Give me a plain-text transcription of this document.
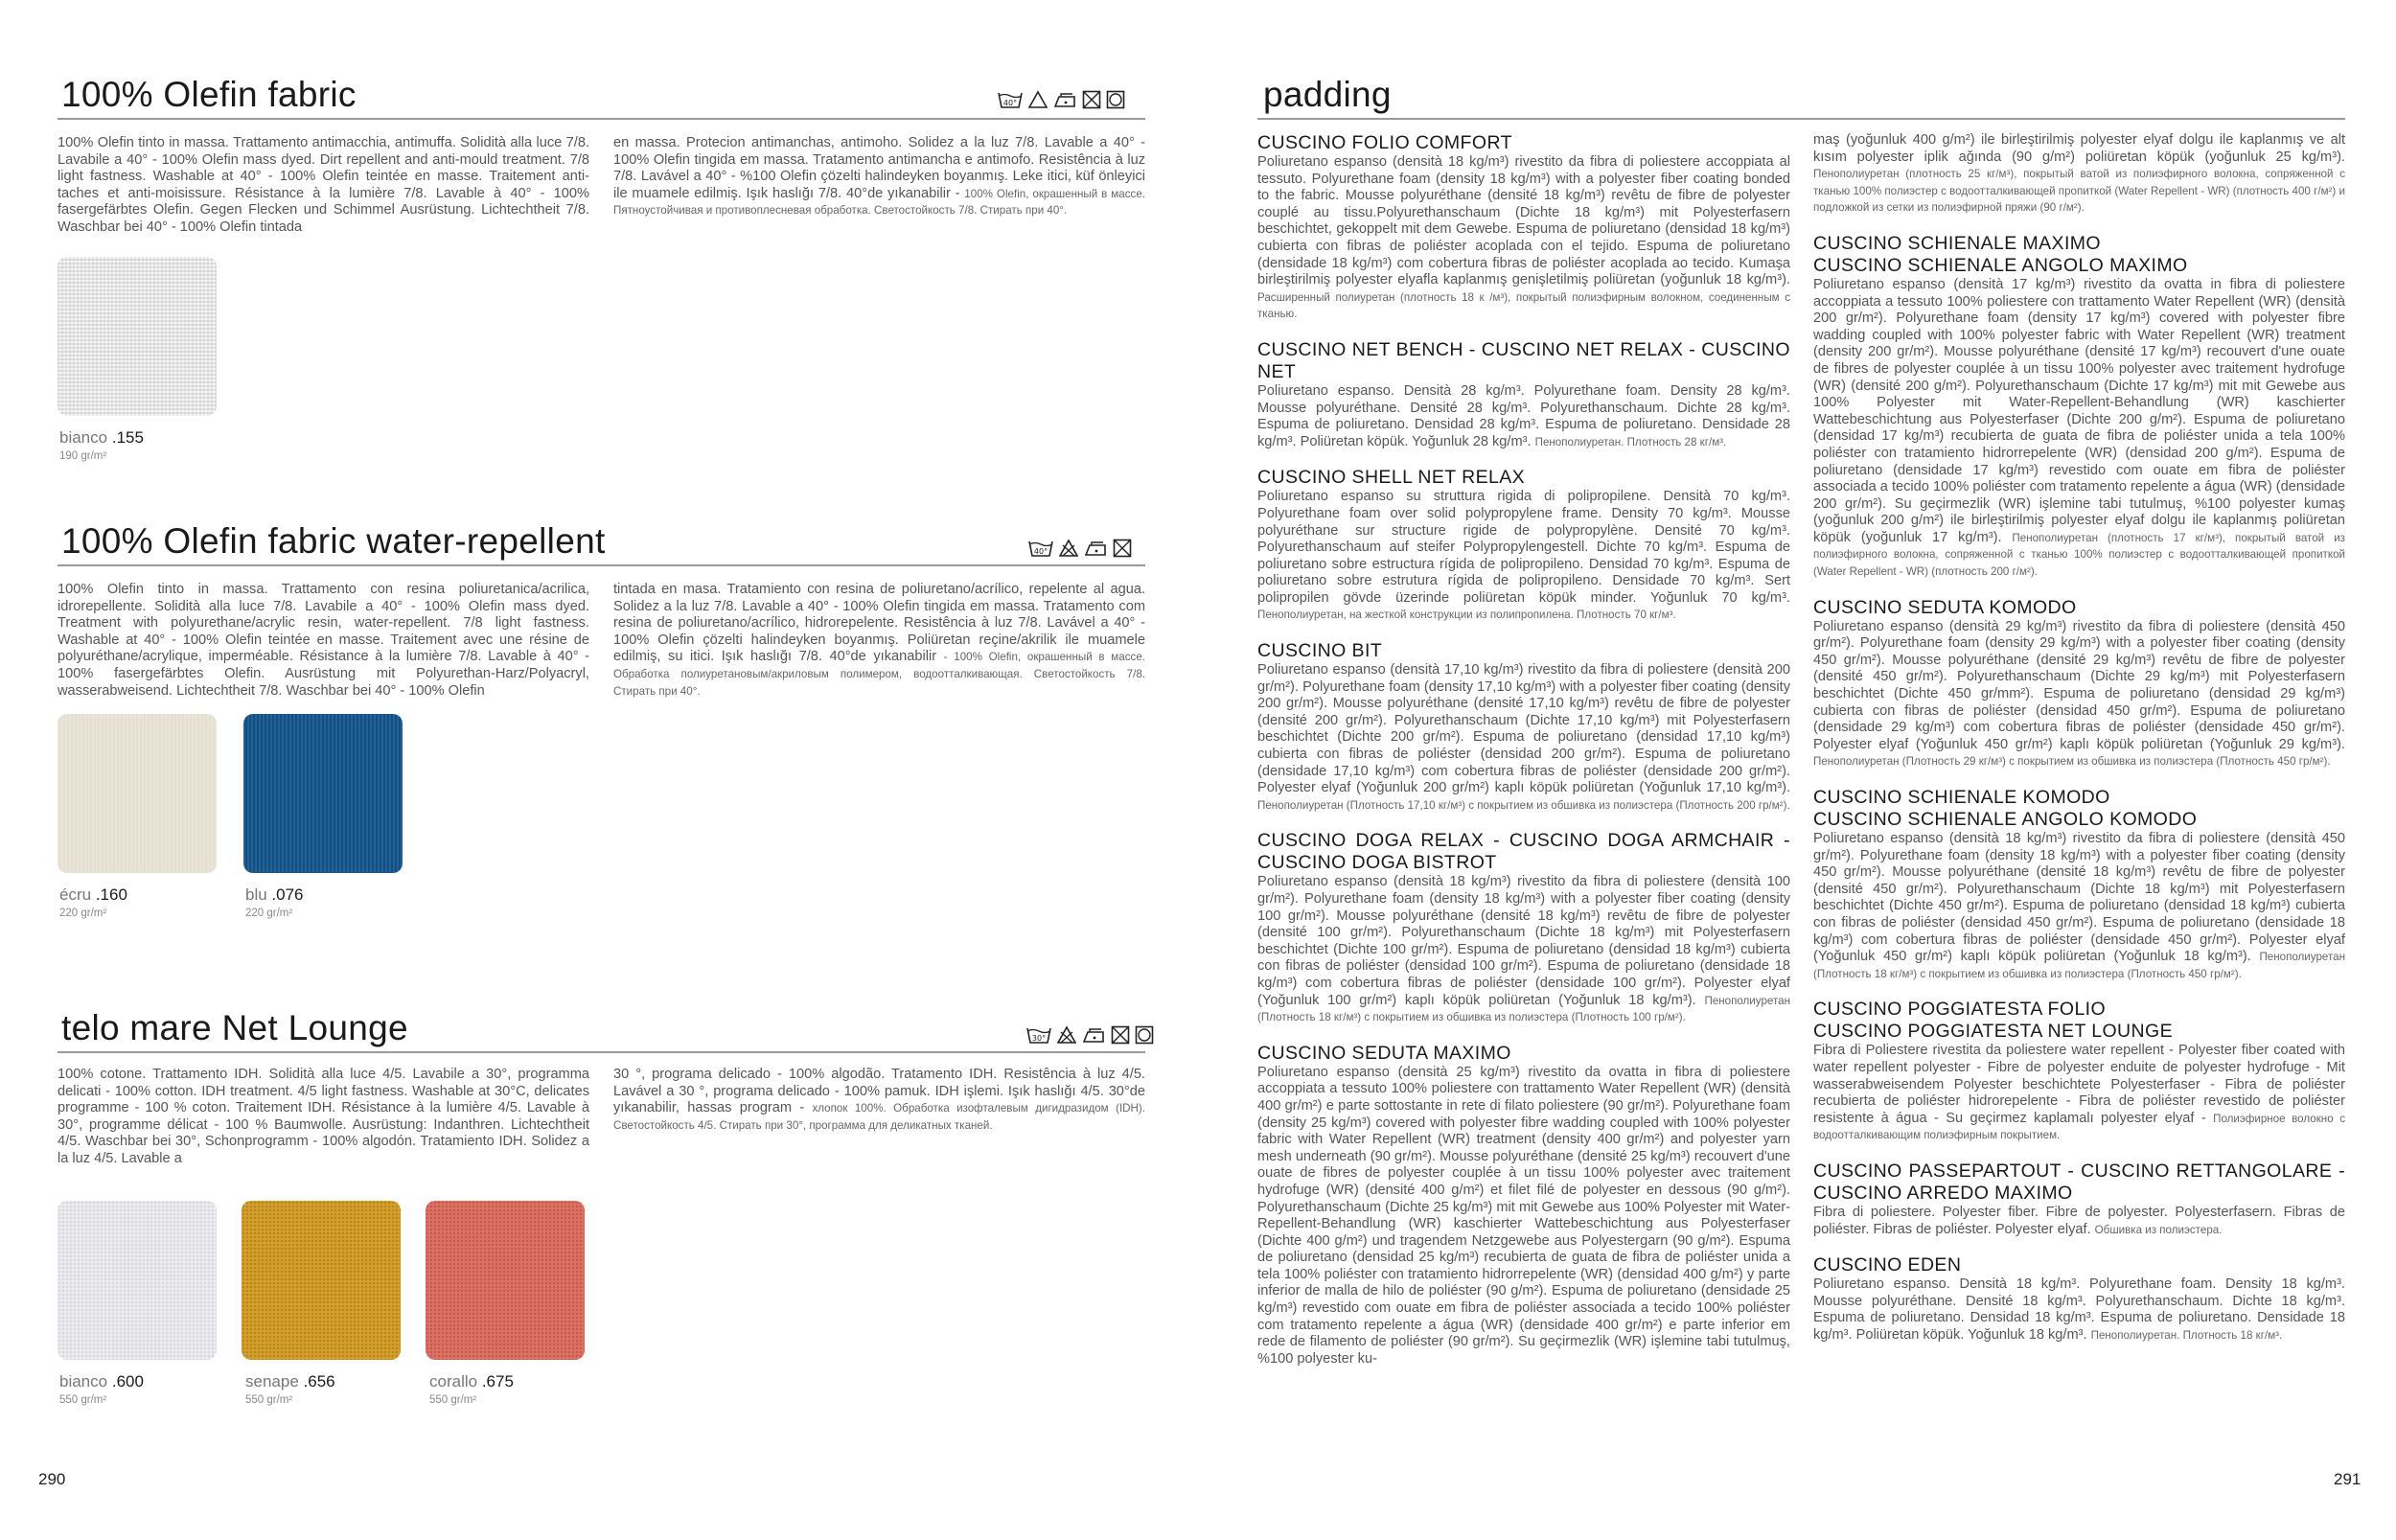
100% Olefin fabric	40°
100% Olefin tinto in massa. Trattamento antimacchia, antimuffa. Solidità alla luce 7/8. Lavabile a 40° - 100% Olefin mass dyed. Dirt repellent and anti-mould treatment. 7/8 light fastness. Washable at 40° - 100% Olefin teintée en masse. Traitement anti-taches et anti-moisissure. Résistance à la lumière 7/8. Lavable à 40° - 100% fasergefärbtes Olefin. Gegen Flecken und Schimmel Ausrüstung. Lichtechtheit 7/8. Waschbar bei 40° - 100% Olefin tintada
en massa. Protecion antimanchas, antimoho. Solidez a la luz 7/8. Lavable a 40° - 100% Olefin tingida em massa. Tratamento antimancha e antimofo. Resistência à luz 7/8. Lavável a 40° - %100 Olefin çözelti halindeyken boyanmış. Leke itici, küf önleyici ile muamele edilmiş. Işık haslığı 7/8. 40°de yıkanabilir - 100% Olefin, окрашенный в массе. Пятноустойчивая и противоплесневая обработка. Светостойкость 7/8. Стирать при 40°.
bianco .155
190 gr/m²
100% Olefin fabric water-repellent	40°
100% Olefin tinto in massa. Trattamento con resina poliuretanica/acrilica, idrorepellente. Solidità alla luce 7/8. Lavabile a 40° - 100% Olefin mass dyed. Treatment with polyurethane/acrylic resin, water-repellent. 7/8 light fastness. Washable at 40° - 100% Olefin teintée en masse. Traitement avec une résine de polyuréthane/acrylique, imperméable. Résistance à la lumière 7/8. Lavable à 40° - 100% fasergefärbtes Olefin. Ausrüstung mit Polyurethan-Harz/Polyacryl, wasserabweisend. Lichtechtheit 7/8. Waschbar bei 40° - 100% Olefin
tintada en masa. Tratamiento con resina de poliuretano/acrílico, repelente al agua. Solidez a la luz 7/8. Lavable a 40° - 100% Olefin tingida em massa. Tratamento com resina de poliuretano/acrílico, hidrorepelente. Resistência à luz 7/8. Lavável a 40° - 100% Olefin çözelti halindeyken boyanmış. Poliüretan reçine/akrilik ile muamele edilmiş, su itici. Işık haslığı 7/8. 40°de yıkanabilir - 100% Olefin, окрашенный в массе. Обработка полиуретановым/акриловым полимером, водоотталкивающая. Светостойкость 7/8. Стирать при 40°.
écru .160
220 gr/m²
blu .076
220 gr/m²
telo mare Net Lounge	30°
100% cotone. Trattamento IDH. Solidità alla luce 4/5. Lavabile a 30°, programma delicati - 100% cotton. IDH treatment. 4/5 light fastness. Washable at 30°C, delicates programme - 100 % coton. Traitement IDH. Résistance à la lumière 4/5. Lavable à 30°, programme délicat - 100 % Baumwolle. Ausrüstung: Indanthren. Lichtechtheit 4/5. Waschbar bei 30°, Schonprogramm - 100% algodón. Tratamiento IDH. Solidez a la luz 4/5. Lavable a
30 °, programa delicado - 100% algodão. Tratamento IDH. Resistência à luz 4/5. Lavável a 30 °, programa delicado - 100% pamuk. IDH işlemi. Işık haslığı 4/5. 30°de yıkanabilir, hassas program - хлопок 100%. Обработка изофталевым дигидразидом (IDH). Светостойкость 4/5. Стирать при 30°, программа для деликатных тканей.
bianco .600
550 gr/m²
senape .656
550 gr/m²
corallo .675
550 gr/m²
290
padding
CUSCINO FOLIO COMFORT
Poliuretano espanso (densità 18 kg/m³) rivestito da fibra di poliestere accoppiata al tessuto. Polyurethane foam (density 18 kg/m³) with a polyester fiber coating bonded to the fabric. Mousse polyuréthane (densité 18 kg/m³) revêtu de fibre de polyester couplé au tissu.Polyurethanschaum (Dichte 18 kg/m³) mit Polyesterfasern beschichtet, gekoppelt mit dem Gewebe. Espuma de poliuretano (densidad 18 kg/m³) cubierta con fibras de poliéster acoplada con el tejido. Espuma de poliuretano (densidade 18 kg/m³) com cobertura fibras de poliéster acoplada ao tecido. Kumaşa birleştirilmiş polyester elyafla kaplanmış genişletilmiş poliüretan (yoğunluk 18 kg/m³). Расширенный полиуретан (плотность 18 к /м³), покрытый полиэфирным волокном, соединенным с тканью.
CUSCINO NET BENCH - CUSCINO NET RELAX - CUSCINO NET
Poliuretano espanso. Densità 28 kg/m³. Polyurethane foam. Density 28 kg/m³. Mousse polyuréthane. Densité 28 kg/m³. Polyurethanschaum. Dichte 28 kg/m³. Espuma de poliuretano. Densidad 28 kg/m³. Espuma de poliuretano. Densidade 28 kg/m³. Poliüretan köpük. Yoğunluk 28 kg/m³. Пенополиуретан. Плотность 28 кг/м³.
CUSCINO SHELL NET RELAX
Poliuretano espanso su struttura rigida di polipropilene. Densità 70 kg/m³. Polyurethane foam over solid polypropylene frame. Density 70 kg/m³. Mousse polyuréthane sur structure rigide de polypropylène. Densité 70 kg/m³. Polyurethanschaum auf steifer Polypropylengestell. Dichte 70 kg/m³. Espuma de poliuretano sobre estructura rígida de polipropileno. Densidad 70 kg/m³. Espuma de poliuretano sobre estrutura rígida de polipropileno. Densidade 70 kg/m³. Sert polipropilen gövde üzerinde poliüretan köpük minder. Yoğunluk 70 kg/m³. Пенополиуретан, на жесткой конструкции из полипропилена. Плотность 70 кг/м³.
CUSCINO BIT
Poliuretano espanso (densità 17,10 kg/m³) rivestito da fibra di poliestere (densità 200 gr/m²). Polyurethane foam (density 17,10 kg/m³) with a polyester fiber coating (density 200 gr/m²). Mousse polyuréthane (densité 17,10 kg/m³) revêtu de fibre de polyester (densité 200 gr/m²). Polyurethanschaum (Dichte 17,10 kg/m³) mit Polyesterfasern beschichtet (Dichte 200 gr/m²). Espuma de poliuretano (densidad 17,10 kg/m³) cubierta con fibras de poliéster (densidad 200 gr/m²). Espuma de poliuretano (densidade 17,10 kg/m³) com cobertura fibras de poliéster (densidade 200 gr/m²). Polyester elyaf (Yoğunluk 200 gr/m²) kaplı köpük poliüretan (Yoğunluk 17,10 kg/m³). Пенополиуретан (Плотность 17,10 кг/м³) с покрытием из обшивка из полиэстера (Плотность 200 гр/м²).
CUSCINO DOGA RELAX - CUSCINO DOGA ARMCHAIR - CUSCINO DOGA BISTROT
Poliuretano espanso (densità 18 kg/m³) rivestito da fibra di poliestere (densità 100 gr/m²). Polyurethane foam (density 18 kg/m³) with a polyester fiber coating (density 100 gr/m²). Mousse polyuréthane (densité 18 kg/m³) revêtu de fibre de polyester (densité 100 gr/m²). Polyurethanschaum (Dichte 18 kg/m³) mit Polyesterfasern beschichtet (Dichte 100 gr/m²). Espuma de poliuretano (densidad 18 kg/m³) cubierta con fibras de poliéster (densidad 100 gr/m²). Espuma de poliuretano (densidade 18 kg/m³) com cobertura fibras de poliéster (densidade 100 gr/m²). Polyester elyaf (Yoğunluk 100 gr/m²) kaplı köpük poliüretan (Yoğunluk 18 kg/m³). Пенополиуретан (Плотность 18 кг/м³) с покрытием из обшивка из полиэстера (Плотность 100 гр/м²).
CUSCINO SEDUTA MAXIMO
Poliuretano espanso (densità 25 kg/m³) rivestito da ovatta in fibra di poliestere accoppiata a tessuto 100% poliestere con trattamento Water Repellent (WR) (densità 400 gr/m²) e parte sottostante in rete di filato poliestere (90 gr/m²). Polyurethane foam (density 25 kg/m³) covered with polyester fibre wadding coupled with 100% polyester fabric with Water Repellent (WR) treatment (density 400 gr/m²) and polyester yarn mesh underneath (90 gr/m²). Mousse polyuréthane (densité 25 kg/m³) recouvert d'une ouate de fibres de polyester couplée à un tissu 100% polyester avec traitement hydrofuge (WR) (densité 400 g/m²) et filet filé de polyester en dessous (90 g/m²). Polyurethanschaum (Dichte 25 kg/m³) mit mit Gewebe aus 100% Polyester mit Water-Repellent-Behandlung (WR) kaschierter Wattebeschichtung aus Polyesterfaser (Dichte 400 g/m²) und tragendem Netzgewebe aus Polyestergarn (90 g/m²). Espuma de poliuretano (densidad 25 kg/m³) recubierta de guata de fibra de poliéster unida a tela 100% poliéster con tratamiento hidrorrepelente (WR) (densidad 400 g/m²) y parte inferior de malla de hilo de poliéster (90 g/m²). Espuma de poliuretano (densidade 25 kg/m³) revestido com ouate em fibra de poliéster associada a tecido 100% poliéster com tratamento repelente a água (WR) (densidade 400 gr/m²) e parte inferior em rede de filamento de poliéster (90 gr/m²). Su geçirmezlik (WR) işlemine tabi tutulmuş, %100 polyester ku-
maş (yoğunluk 400 g/m²) ile birleştirilmiş polyester elyaf dolgu ile kaplanmış ve alt kısım polyester iplik ağında (90 g/m²) poliüretan köpük (yoğunluk 25 kg/m³). Пенополиуретан (плотность 25 кг/м³), покрытый ватой из полиэфирного волокна, сопряженной с тканью 100% полиэстер с водоотталкивающей пропиткой (Water Repellent - WR) (плотность 400 г/м²) и подложкой из сетки из полиэфирной пряжи (90 г/м²).
CUSCINO SCHIENALE MAXIMO
CUSCINO SCHIENALE ANGOLO MAXIMO
Poliuretano espanso (densità 17 kg/m³) rivestito da ovatta in fibra di poliestere accoppiata a tessuto 100% poliestere con trattamento Water Repellent (WR) (densità 200 gr/m²). Polyurethane foam (density 17 kg/m³) covered with polyester fibre wadding coupled with 100% polyester fabric with Water Repellent (WR) treatment (density 200 gr/m²). Mousse polyuréthane (densité 17 kg/m³) recouvert d'une ouate de fibres de polyester couplée à un tissu 100% polyester avec traitement hydrofuge (WR) (densité 200 g/m²). Polyurethanschaum (Dichte 17 kg/m³) mit mit Gewebe aus 100% Polyester mit Water-Repellent-Behandlung (WR) kaschierter Wattebeschichtung aus Polyesterfaser (Dichte 200 g/m²). Espuma de poliuretano (densidad 17 kg/m³) recubierta de guata de fibra de poliéster unida a tela 100% poliéster con tratamiento hidrorrepelente (WR) (densidad 200 g/m²). Espuma de poliuretano (densidade 17 kg/m³) revestido com ouate em fibra de poliéster associada a tecido 100% poliéster com tratamento repelente a água (WR) (densidade 200 gr/m²). Su geçirmezlik (WR) işlemine tabi tutulmuş, %100 polyester kumaş (yoğunluk 200 g/m²) ile birleştirilmiş polyester elyaf dolgu ile kaplanmış poliüretan köpük (yoğunluk 17 kg/m³). Пенополиуретан (плотность 17 кг/м³), покрытый ватой из полиэфирного волокна, сопряженной с тканью 100% полиэстер с водоотталкивающей пропиткой (Water Repellent - WR) (плотность 200 г/м²).
CUSCINO SEDUTA KOMODO
Poliuretano espanso (densità 29 kg/m³) rivestito da fibra di poliestere (densità 450 gr/m²). Polyurethane foam (density 29 kg/m³) with a polyester fiber coating (density 450 gr/m²). Mousse polyuréthane (densité 29 kg/m³) revêtu de fibre de polyester (densité 450 gr/m²). Polyurethanschaum (Dichte 29 kg/m³) mit Polyesterfasern beschichtet (Dichte 450 gr/mm²). Espuma de poliuretano (densidad 29 kg/m³) cubierta con fibras de poliéster (densidad 450 gr/m²). Espuma de poliuretano (densidade 29 kg/m³) com cobertura fibras de poliéster (densidade 450 gr/m²). Polyester elyaf (Yoğunluk 450 gr/m²) kaplı köpük poliüretan (Yoğunluk 29 kg/m³). Пенополиуретан (Плотность 29 кг/м³) с покрытием из обшивка из полиэстера (Плотность 450 гр/м²).
CUSCINO SCHIENALE KOMODO
CUSCINO SCHIENALE ANGOLO KOMODO
Poliuretano espanso (densità 18 kg/m³) rivestito da fibra di poliestere (densità 450 gr/m²). Polyurethane foam (density 18 kg/m³) with a polyester fiber coating (density 450 gr/m²). Mousse polyuréthane (densité 18 kg/m³) revêtu de fibre de polyester (densité 450 gr/m²). Polyurethanschaum (Dichte 18 kg/m³) mit Polyesterfasern beschichtet (Dichte 450 gr/m²). Espuma de poliuretano (densidad 18 kg/m³) cubierta con fibras de poliéster (densidad 450 gr/m²). Espuma de poliuretano (densidade 18 kg/m³) com cobertura fibras de poliéster (densidade 450 gr/m²). Polyester elyaf (Yoğunluk 450 gr/m²) kaplı köpük poliüretan (Yoğunluk 18 kg/m³). Пенополиуретан (Плотность 18 кг/м³) с покрытием из обшивка из полиэстера (Плотность 450 гр/м²).
CUSCINO POGGIATESTA FOLIO
CUSCINO POGGIATESTA NET LOUNGE
Fibra di Poliestere rivestita da poliestere water repellent - Polyester fiber coated with water repellent polyester - Fibre de polyester enduite de polyester hydrofuge - Mit wasserabweisendem Polyester beschichtete Polyesterfaser - Fibra de poliéster recubierta de poliéster hidrorepelente - Fibra de poliéster revestido de poliéster resistente à água - Su geçirmez kaplamalı polyester elyaf - Полиэфирное волокно с водоотталкивающим полиэфирным покрытием.
CUSCINO PASSEPARTOUT - CUSCINO RETTANGOLARE - CUSCINO ARREDO MAXIMO
Fibra di poliestere. Polyester fiber. Fibre de polyester. Polyesterfasern. Fibras de poliéster. Fibras de poliéster. Polyester elyaf. Обшивка из полиэстера.
CUSCINO EDEN
Poliuretano espanso. Densità 18 kg/m³. Polyurethane foam. Density 18 kg/m³. Mousse polyuréthane. Densité 18 kg/m³. Polyurethanschaum. Dichte 18 kg/m³. Espuma de poliuretano. Densidad 18 kg/m³. Espuma de poliuretano. Densidade 18 kg/m³. Poliüretan köpük. Yoğunluk 18 kg/m³. Пенополиуретан. Плотность 18 кг/м³.
291
